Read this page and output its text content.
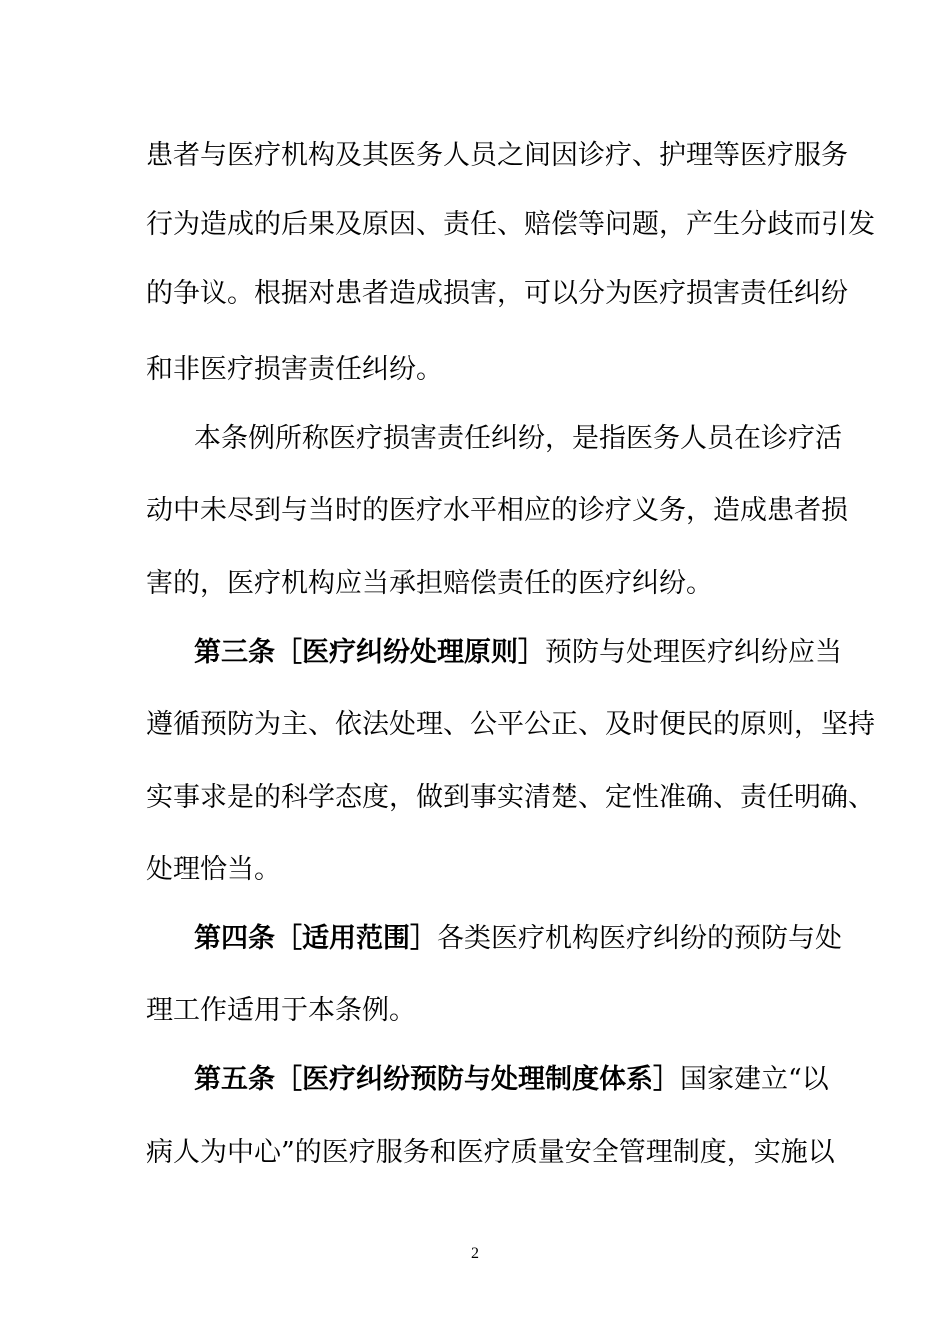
患者与医疗机构及其医务人员之间因诊疗、护理等医疗服务
行为造成的后果及原因、责任、赔偿等问题，产生分歧而引发
的争议。根据对患者造成损害，可以分为医疗损害责任纠纷
和非医疗损害责任纠纷。
本条例所称医疗损害责任纠纷，是指医务人员在诊疗活
动中未尽到与当时的医疗水平相应的诊疗义务，造成患者损
害的，医疗机构应当承担赔偿责任的医疗纠纷。
第三条［医疗纠纷处理原则］预防与处理医疗纠纷应当
遵循预防为主、依法处理、公平公正、及时便民的原则，坚持
实事求是的科学态度，做到事实清楚、定性准确、责任明确、
处理恰当。
第四条［适用范围］各类医疗机构医疗纠纷的预防与处
理工作适用于本条例。
第五条［医疗纠纷预防与处理制度体系］国家建立“以
病人为中心”的医疗服务和医疗质量安全管理制度，实施以
2
